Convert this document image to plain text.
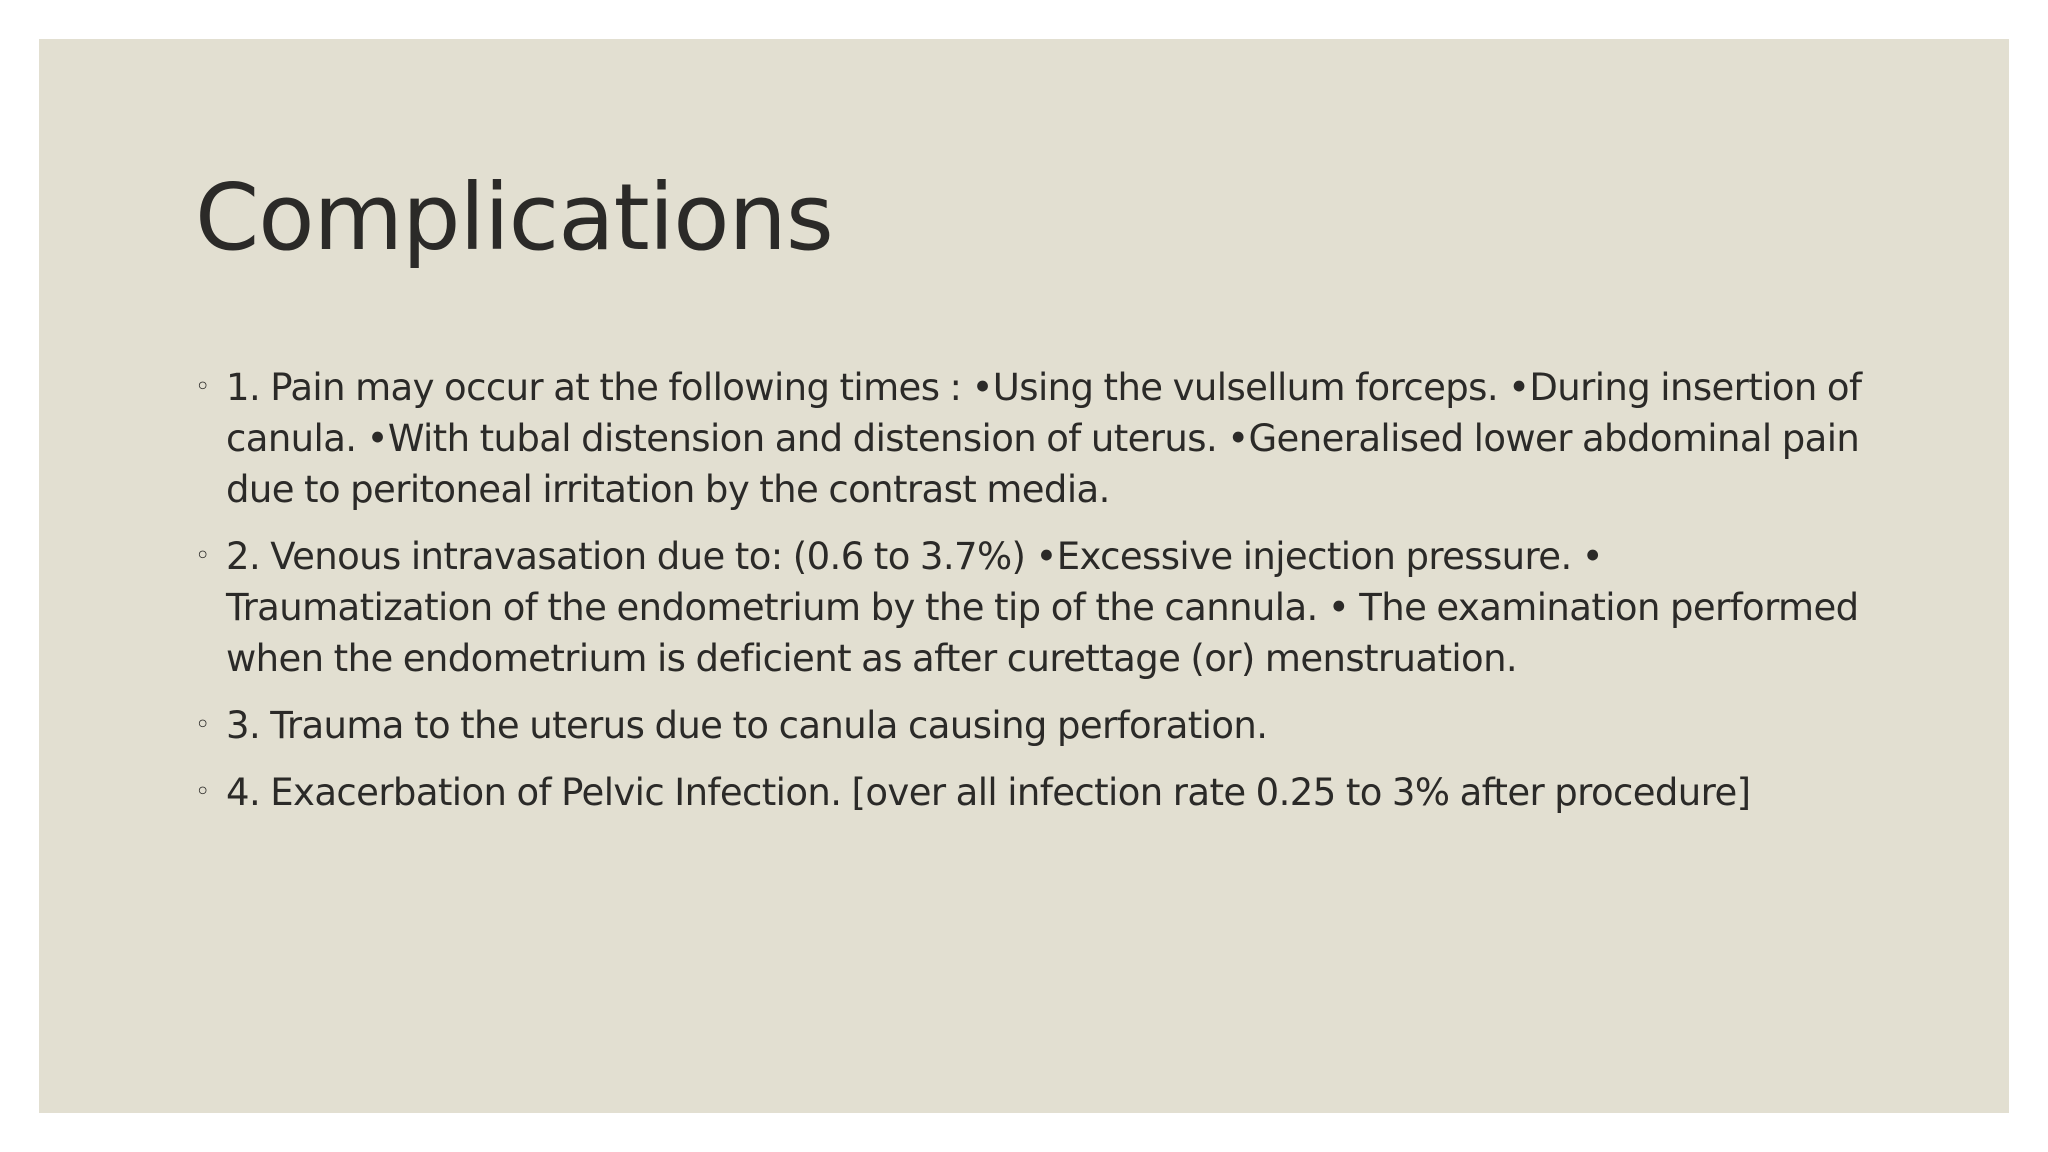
Complications
◦ 1. Pain may occur at the following times : •Using the vulsellum forceps. •During insertion of canula. •With tubal distension and distension of uterus. •Generalised lower abdominal pain due to peritoneal irritation by the contrast media.
◦ 2. Venous intravasation due to: (0.6 to 3.7%) •Excessive injection pressure. • Traumatization of the endometrium by the tip of the cannula. • The examination performed when the endometrium is deficient as after curettage (or) menstruation.
◦ 3. Trauma to the uterus due to canula causing perforation.
◦ 4. Exacerbation of Pelvic Infection. [over all infection rate 0.25 to 3% after procedure]
